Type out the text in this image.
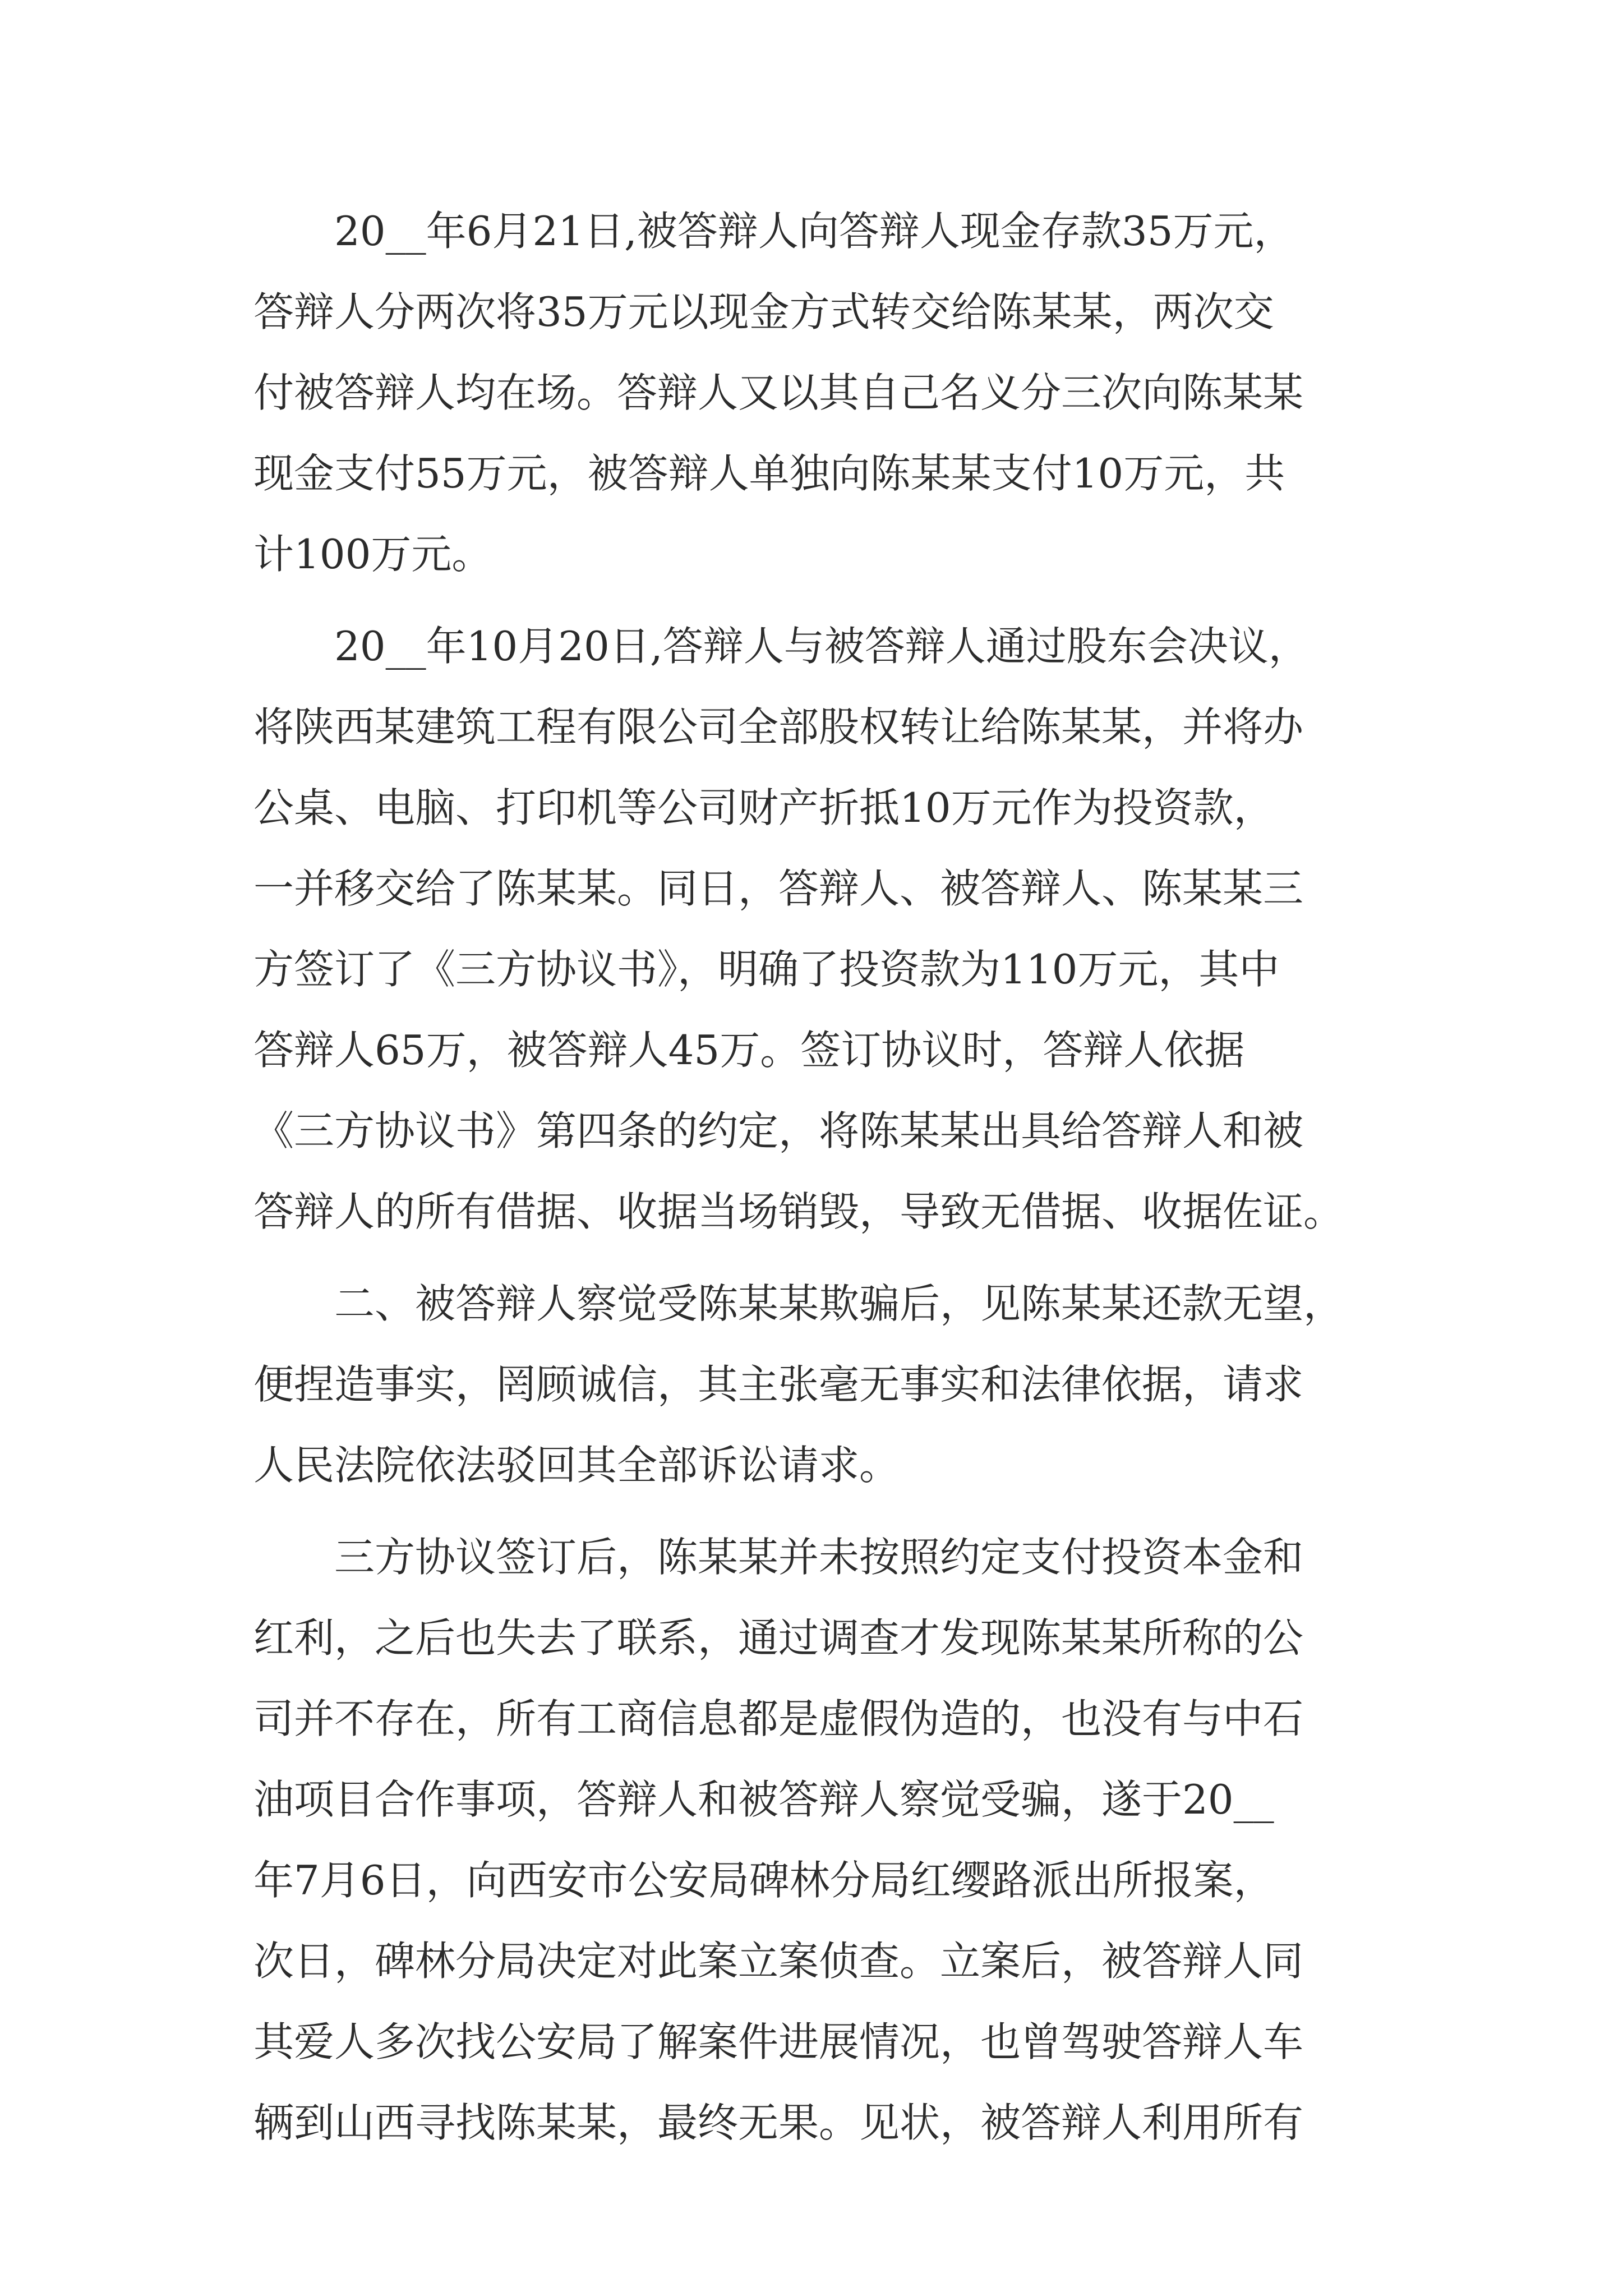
　　20__年6月21日,被答辩人向答辩人现金存款35万元，
答辩人分两次将35万元以现金方式转交给陈某某，两次交
付被答辩人均在场。答辩人又以其自己名义分三次向陈某某
现金支付55万元，被答辩人单独向陈某某支付10万元，共
计100万元。
　　20__年10月20日,答辩人与被答辩人通过股东会决议，
将陕西某建筑工程有限公司全部股权转让给陈某某，并将办
公桌、电脑、打印机等公司财产折抵10万元作为投资款，
一并移交给了陈某某。同日，答辩人、被答辩人、陈某某三
方签订了《三方协议书》，明确了投资款为110万元，其中
答辩人65万，被答辩人45万。签订协议时，答辩人依据
《三方协议书》第四条的约定，将陈某某出具给答辩人和被
答辩人的所有借据、收据当场销毁，导致无借据、收据佐证。
　　二、被答辩人察觉受陈某某欺骗后，见陈某某还款无望，
便捏造事实，罔顾诚信，其主张毫无事实和法律依据，请求
人民法院依法驳回其全部诉讼请求。
　　三方协议签订后，陈某某并未按照约定支付投资本金和
红利，之后也失去了联系，通过调查才发现陈某某所称的公
司并不存在，所有工商信息都是虚假伪造的，也没有与中石
油项目合作事项，答辩人和被答辩人察觉受骗，遂于20__
年7月6日，向西安市公安局碑林分局红缨路派出所报案，
次日，碑林分局决定对此案立案侦查。立案后，被答辩人同
其爱人多次找公安局了解案件进展情况，也曾驾驶答辩人车
辆到山西寻找陈某某，最终无果。见状，被答辩人利用所有
